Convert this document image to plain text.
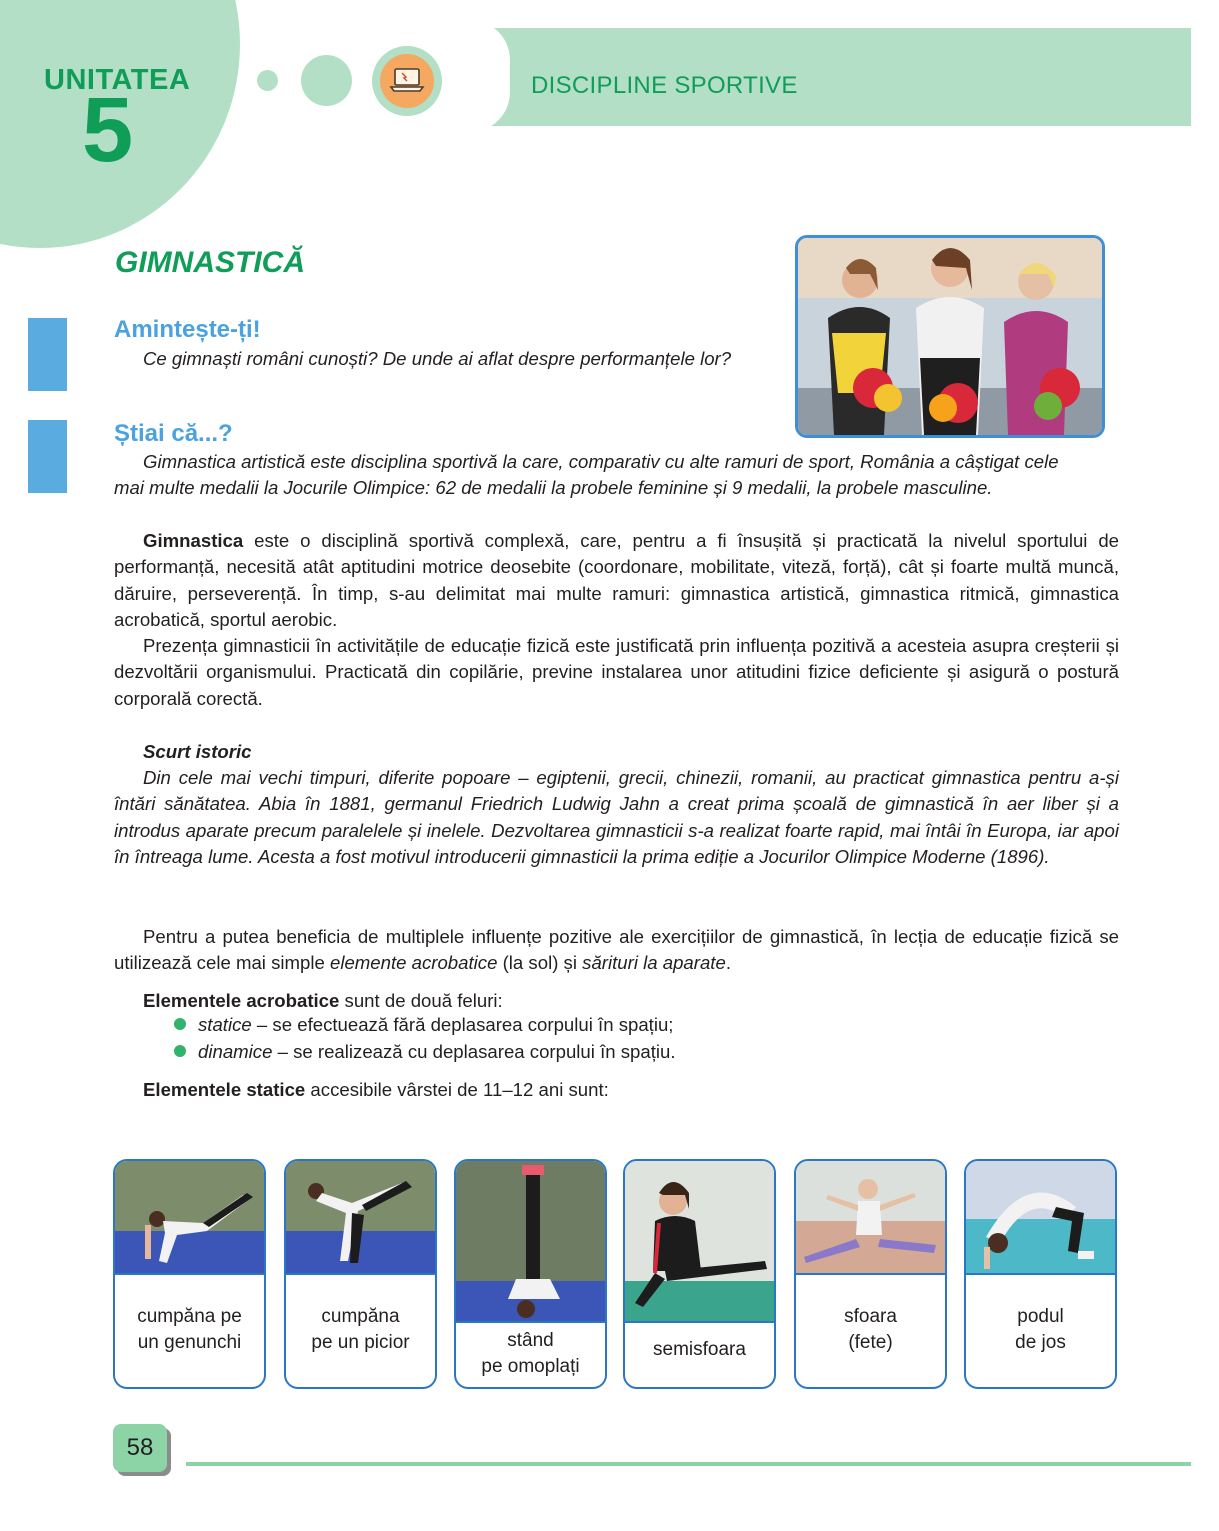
UNITATEA
5	DISCIPLINE SPORTIVE
GIMNASTICĂ
Amintește-ți!
Ce gimnaști români cunoști? De unde ai aflat despre performanțele lor?
Știai că...?
Gimnastica artistică este disciplina sportivă la care, comparativ cu alte ramuri de sport, România a câștigat cele
mai multe medalii la Jocurile Olimpice: 62 de medalii la probele feminine și 9 medalii, la probele masculine.
Gimnastica este o disciplină sportivă complexă, care, pentru a fi însușită și practicată la nivelul sportului de performanță, necesită atât aptitudini motrice deosebite (coordonare, mobilitate, viteză, forță), cât și foarte multă muncă, dăruire, perseverență. În timp, s-au delimitat mai multe ramuri: gimnastica artistică, gimnastica ritmică, gimnastica acrobatică, sportul aerobic.
Prezența gimnasticii în activitățile de educație fizică este justificată prin influența pozitivă a acesteia asupra creșterii și dezvoltării organismului. Practicată din copilărie, previne instalarea unor atitudini fizice deficiente și asigură o postură corporală corectă.
Scurt istoric
Din cele mai vechi timpuri, diferite popoare – egiptenii, grecii, chinezii, romanii, au practicat gimnastica pentru a-și întări sănătatea. Abia în 1881, germanul Friedrich Ludwig Jahn a creat prima școală de gimnastică în aer liber și a introdus aparate precum paralelele și inelele. Dezvoltarea gimnasticii s-a realizat foarte rapid, mai întâi în Europa, iar apoi în întreaga lume. Acesta a fost motivul introducerii gimnasticii la prima ediție a Jocurilor Olimpice Moderne (1896).
Pentru a putea beneficia de multiplele influențe pozitive ale exercițiilor de gimnastică, în lecția de educație fizică se utilizează cele mai simple elemente acrobatice (la sol) și sărituri la aparate.
Elementele acrobatice sunt de două feluri:
statice – se efectuează fără deplasarea corpului în spațiu;
dinamice – se realizează cu deplasarea corpului în spațiu.
Elementele statice accesibile vârstei de 11–12 ani sunt:
cumpăna pe
un genunchi
cumpăna
pe un picior	stând
pe omoplați
semisfoara
sfoara
(fete)
podul
de jos
58
